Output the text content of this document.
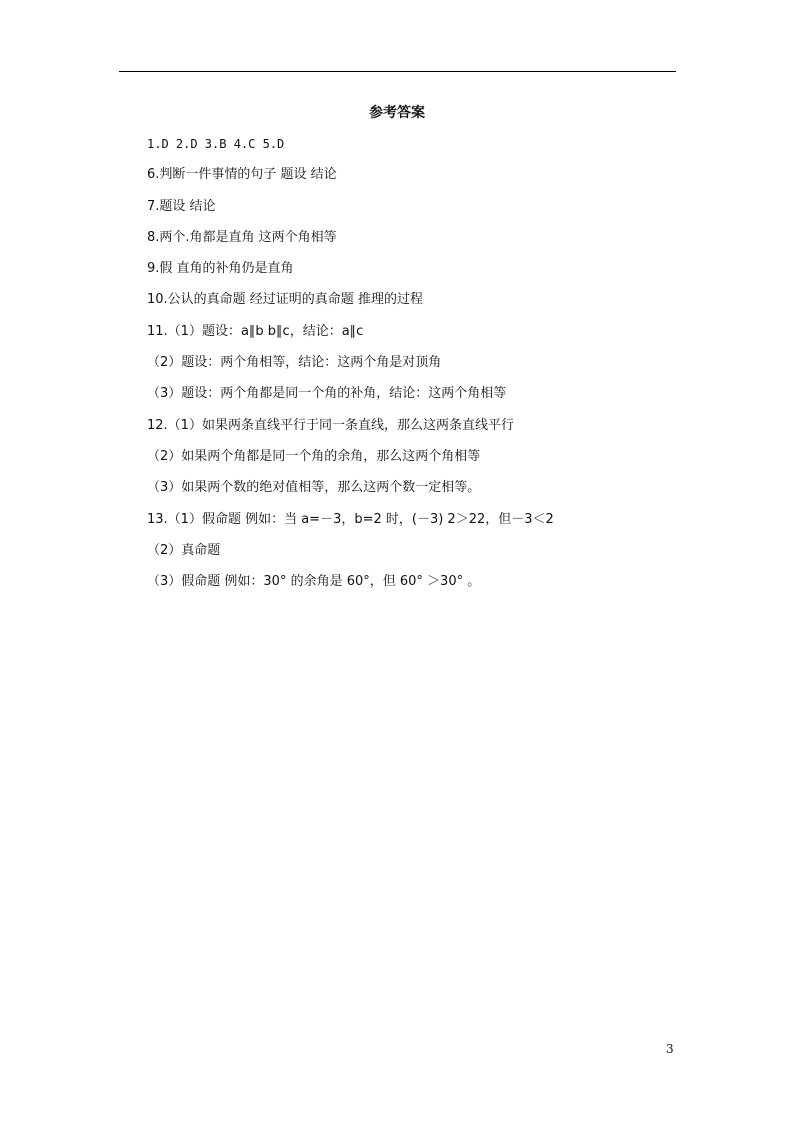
参考答案
1.D 2.D 3.B 4.C 5.D
6.判断一件事情的句子 题设 结论
7.题设 结论
8.两个.角都是直角 这两个角相等
9.假 直角的补角仍是直角
10.公认的真命题 经过证明的真命题 推理的过程
11.（1）题设：a∥b b∥c，结论：a∥c
（2）题设：两个角相等，结论：这两个角是对顶角
（3）题设：两个角都是同一个角的补角，结论：这两个角相等
12.（1）如果两条直线平行于同一条直线，那么这两条直线平行
（2）如果两个角都是同一个角的余角，那么这两个角相等
（3）如果两个数的绝对值相等，那么这两个数一定相等。
13.（1）假命题 例如：当 a=－3，b=2 时，(－3) 2＞22，但－3＜2
（2）真命题
（3）假命题 例如：30° 的余角是 60°，但 60° ＞30° 。
3
